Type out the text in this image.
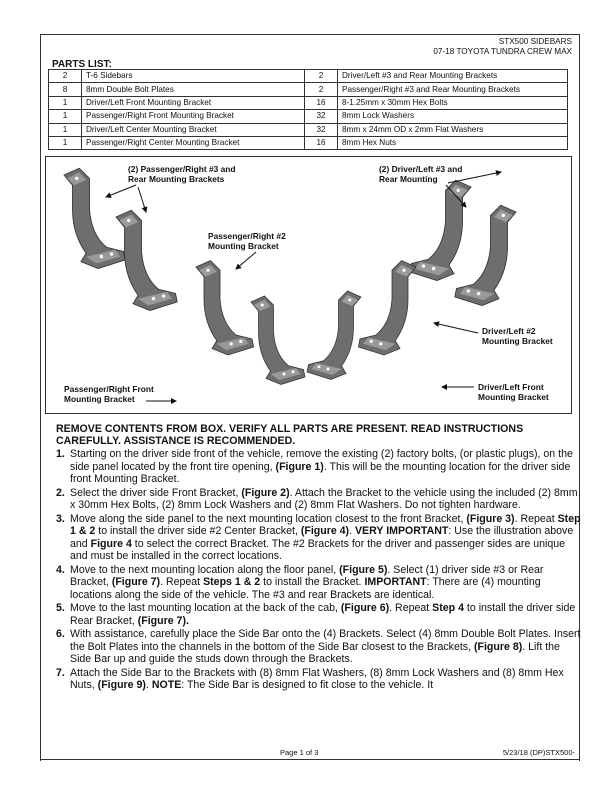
STX500 SIDEBARS
07-18 TOYOTA TUNDRA CREW MAX
PARTS LIST:
2	T-6 Sidebars	2	Driver/Left #3 and Rear Mounting Brackets
8	8mm Double Bolt Plates	2	Passenger/Right #3 and Rear Mounting Brackets
1	Driver/Left Front Mounting Bracket	16	8-1.25mm x 30mm Hex Bolts
1	Passenger/Right Front Mounting Bracket	32	8mm Lock Washers
1	Driver/Left Center Mounting Bracket	32	8mm x 24mm OD x 2mm Flat Washers
1	Passenger/Right Center Mounting Bracket	16	8mm Hex Nuts
(2) Passenger/Right #3 and
Rear Mounting Brackets
(2) Driver/Left #3 and
Rear Mounting
Passenger/Right #2
Mounting Bracket
Driver/Left #2
Mounting Bracket
Passenger/Right Front
Mounting Bracket
Driver/Left Front
Mounting Bracket
REMOVE CONTENTS FROM BOX. VERIFY ALL PARTS ARE PRESENT. READ INSTRUCTIONS CAREFULLY. ASSISTANCE IS RECOMMENDED.
1. Starting on the driver side front of the vehicle, remove the existing (2) factory bolts, (or plastic plugs), on the side panel located by the front tire opening, (Figure 1). This will be the mounting location for the driver side front Mounting Bracket.
2. Select the driver side Front Bracket, (Figure 2). Attach the Bracket to the vehicle using the included (2) 8mm x 30mm Hex Bolts, (2) 8mm Lock Washers and (2) 8mm Flat Washers. Do not tighten hardware.
3. Move along the side panel to the next mounting location closest to the front Bracket, (Figure 3). Repeat Step 1 & 2 to install the driver side #2 Center Bracket, (Figure 4). VERY IMPORTANT: Use the illustration above and Figure 4 to select the correct Bracket. The #2 Brackets for the driver and passenger sides are unique and must be installed in the correct locations.
4. Move to the next mounting location along the floor panel, (Figure 5). Select (1) driver side #3 or Rear Bracket, (Figure 7). Repeat Steps 1 & 2 to install the Bracket. IMPORTANT: There are (4) mounting locations along the side of the vehicle. The #3 and rear Brackets are identical.
5. Move to the last mounting location at the back of the cab, (Figure 6). Repeat Step 4 to install the driver side Rear Bracket, (Figure 7).
6. With assistance, carefully place the Side Bar onto the (4) Brackets. Select (4) 8mm Double Bolt Plates. Insert the Bolt Plates into the channels in the bottom of the Side Bar closest to the Brackets, (Figure 8). Lift the Side Bar up and guide the studs down through the Brackets.
7. Attach the Side Bar to the Brackets with (8) 8mm Flat Washers, (8) 8mm Lock Washers and (8) 8mm Hex Nuts, (Figure 9). NOTE: The Side Bar is designed to fit close to the vehicle. It
Page 1 of 3	5/23/18 (DP)STX500-
